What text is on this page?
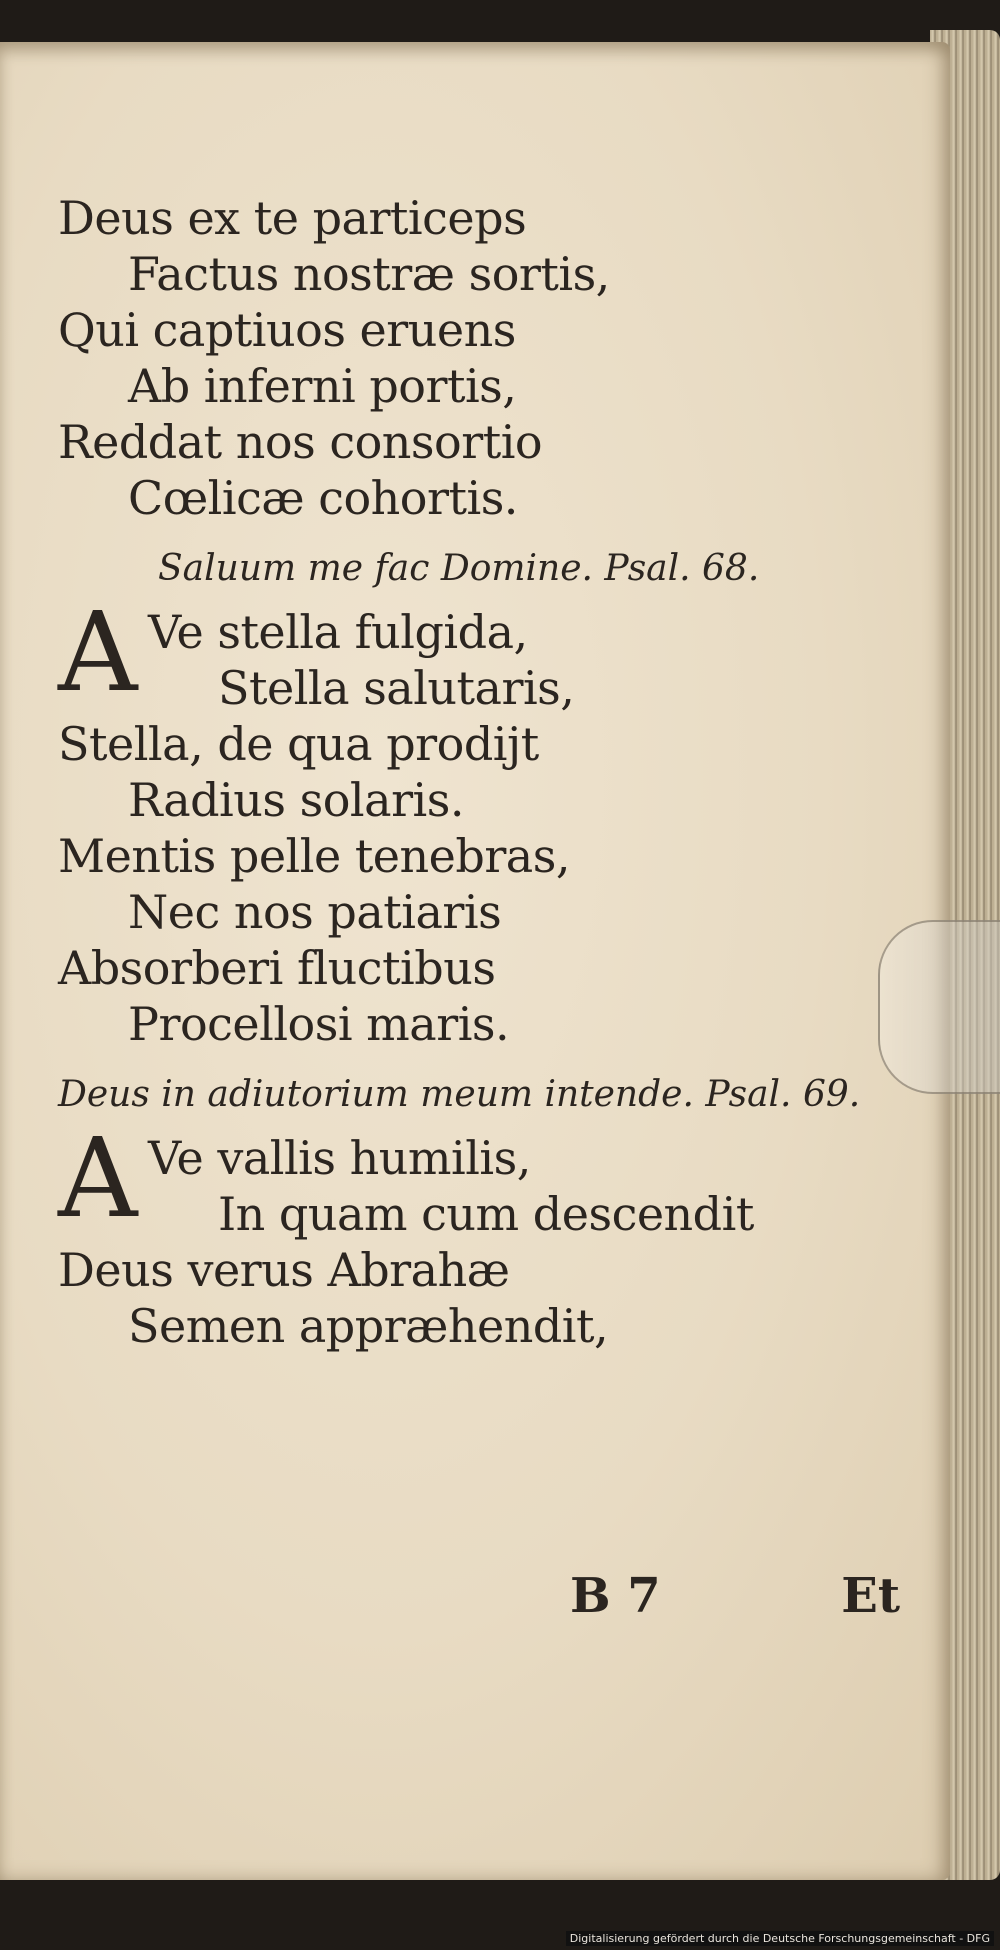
Deus ex te particeps
Factus nostræ sortis,
Qui captiuos eruens
Ab inferni portis,
Reddat nos consortio
Cœlicæ cohortis.
Saluum me fac Domine. Psal. 68.
A Ve stella fulgida,
Stella salutaris,
Stella, de qua prodijt
Radius solaris.
Mentis pelle tenebras,
Nec nos patiaris
Absorberi fluctibus
Procellosi maris.
Deus in adiutorium meum intende. Psal. 69.
A Ve vallis humilis,
In quam cum descendit
Deus verus Abrahæ
Semen appræhendit,
B 7	Et
Digitalisierung gefördert durch die Deutsche Forschungsgemeinschaft - DFG
